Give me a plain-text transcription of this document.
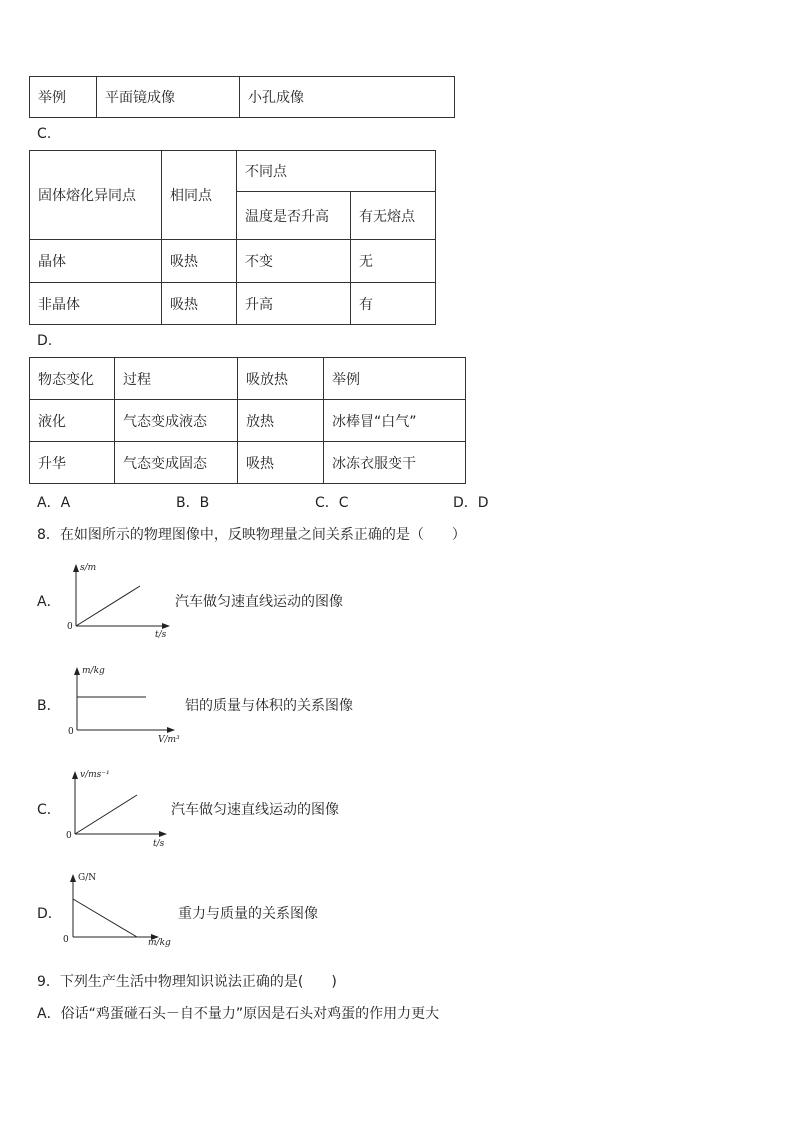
举例	平面镜成像	小孔成像
C.
固体熔化异同点	相同点	不同点	
		温度是否升高	有无熔点
晶体	吸热	不变	无
非晶体	吸热	升高	有
D.
物态变化	过程	吸放热	举例
液化	气态变成液态	放热	冰棒冒“白气”
升华	气态变成固态	吸热	冰冻衣服变干
A．A	B．B	C．C	D．D
8．在如图所示的物理图像中，反映物理量之间关系正确的是（　　）
A．
s/m
0
t/s
汽车做匀速直线运动的图像
B．
m/kg
0
V/m³
铝的质量与体积的关系图像
C．
v/ms⁻¹
0
t/s
汽车做匀速直线运动的图像
D．
G/N
0	m/kg
重力与质量的关系图像
9．下列生产生活中物理知识说法正确的是(　　)
A．俗话“鸡蛋碰石头－自不量力”原因是石头对鸡蛋的作用力更大
